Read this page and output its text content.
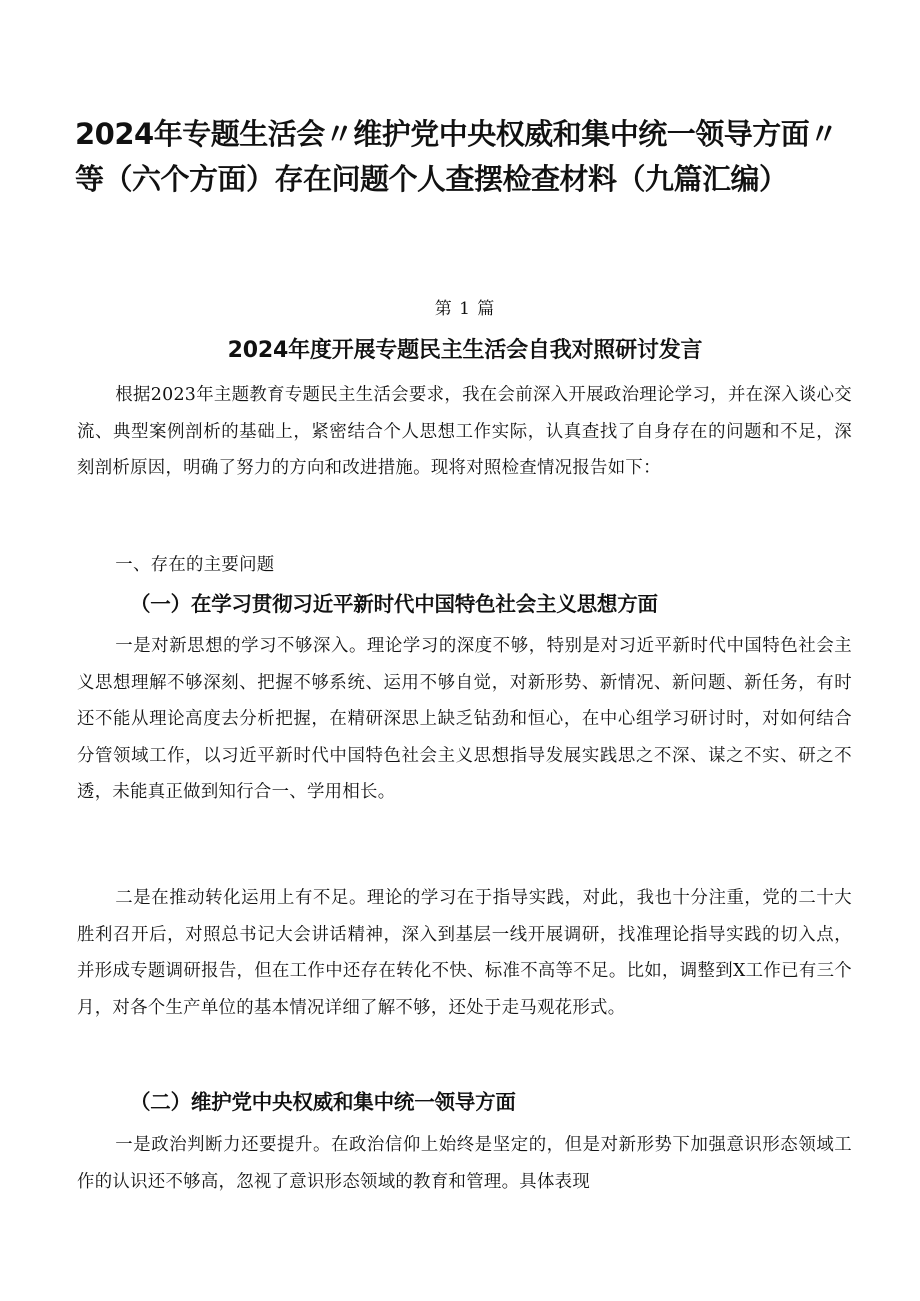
2024年专题生活会〃维护党中央权威和集中统一领导方面〃等（六个方面）存在问题个人查摆检查材料（九篇汇编）
第 1 篇
2024年度开展专题民主生活会自我对照研讨发言

根据2023年主题教育专题民主生活会要求，我在会前深入开展政治理论学习，并在深入谈心交流、典型案例剖析的基础上，紧密结合个人思想工作实际，认真查找了自身存在的问题和不足，深刻剖析原因，明确了努力的方向和改进措施。现将对照检查情况报告如下：

一、存在的主要问题

（一）在学习贯彻习近平新时代中国特色社会主义思想方面

一是对新思想的学习不够深入。理论学习的深度不够，特别是对习近平新时代中国特色社会主义思想理解不够深刻、把握不够系统、运用不够自觉，对新形势、新情况、新问题、新任务，有时还不能从理论高度去分析把握，在精研深思上缺乏钻劲和恒心，在中心组学习研讨时，对如何结合分管领域工作，以习近平新时代中国特色社会主义思想指导发展实践思之不深、谋之不实、研之不透，未能真正做到知行合一、学用相长。

二是在推动转化运用上有不足。理论的学习在于指导实践，对此，我也十分注重，党的二十大胜利召开后，对照总书记大会讲话精神，深入到基层一线开展调研，找准理论指导实践的切入点，并形成专题调研报告，但在工作中还存在转化不快、标准不高等不足。比如，调整到X工作已有三个月，对各个生产单位的基本情况详细了解不够，还处于走马观花形式。

（二）维护党中央权威和集中统一领导方面

一是政治判断力还要提升。在政治信仰上始终是坚定的，但是对新形势下加强意识形态领域工作的认识还不够高，忽视了意识形态领域的教育和管理。具体表现
